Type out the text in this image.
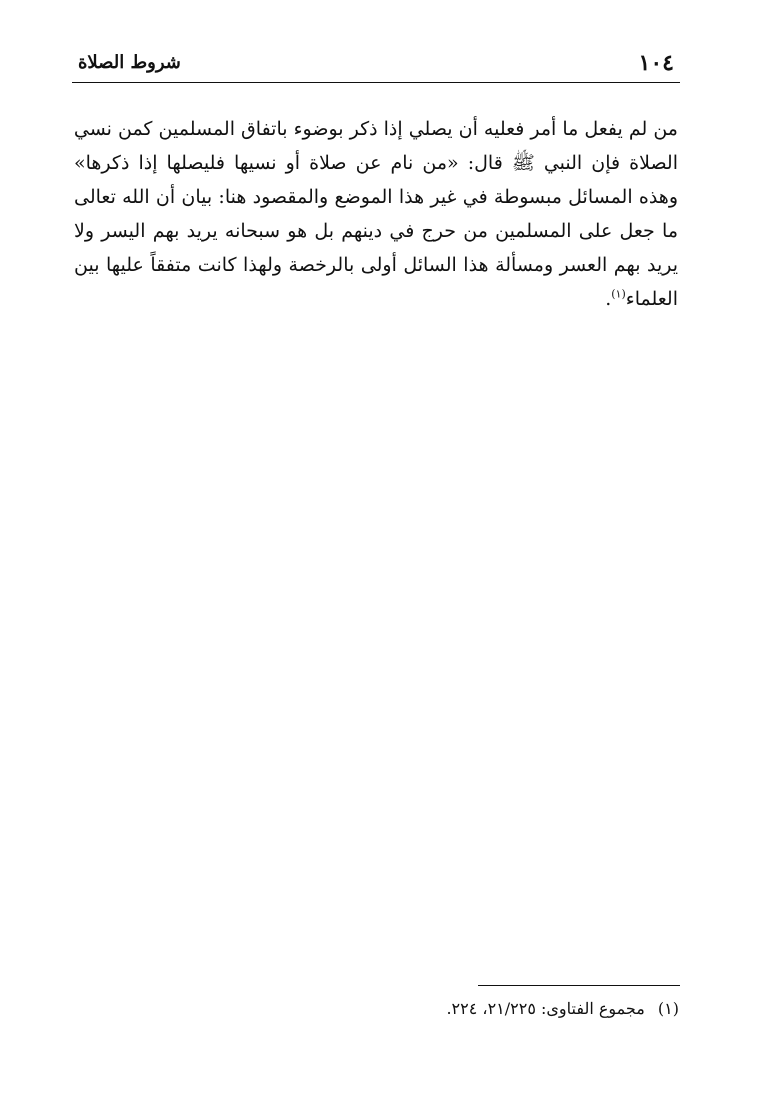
١٠٤
شروط الصلاة
من لم يفعل ما أمر فعليه أن يصلي إذا ذكر بوضوء باتفاق المسلمين كمن نسي
الصلاة فإن النبي ﷺ قال: «من نام عن صلاة أو نسيها فليصلها إذا ذكرها»
وهذه المسائل مبسوطة في غير هذا الموضع والمقصود هنا: بيان أن الله تعالى
ما جعل على المسلمين من حرج في دينهم بل هو سبحانه يريد بهم اليسر ولا
يريد بهم العسر ومسألة هذا السائل أولى بالرخصة ولهذا كانت متفقاً عليها بين
العلماء$^{(١)}$.
(١) مجموع الفتاوى: ٢١/٢٢٥، ٢٢٤.
